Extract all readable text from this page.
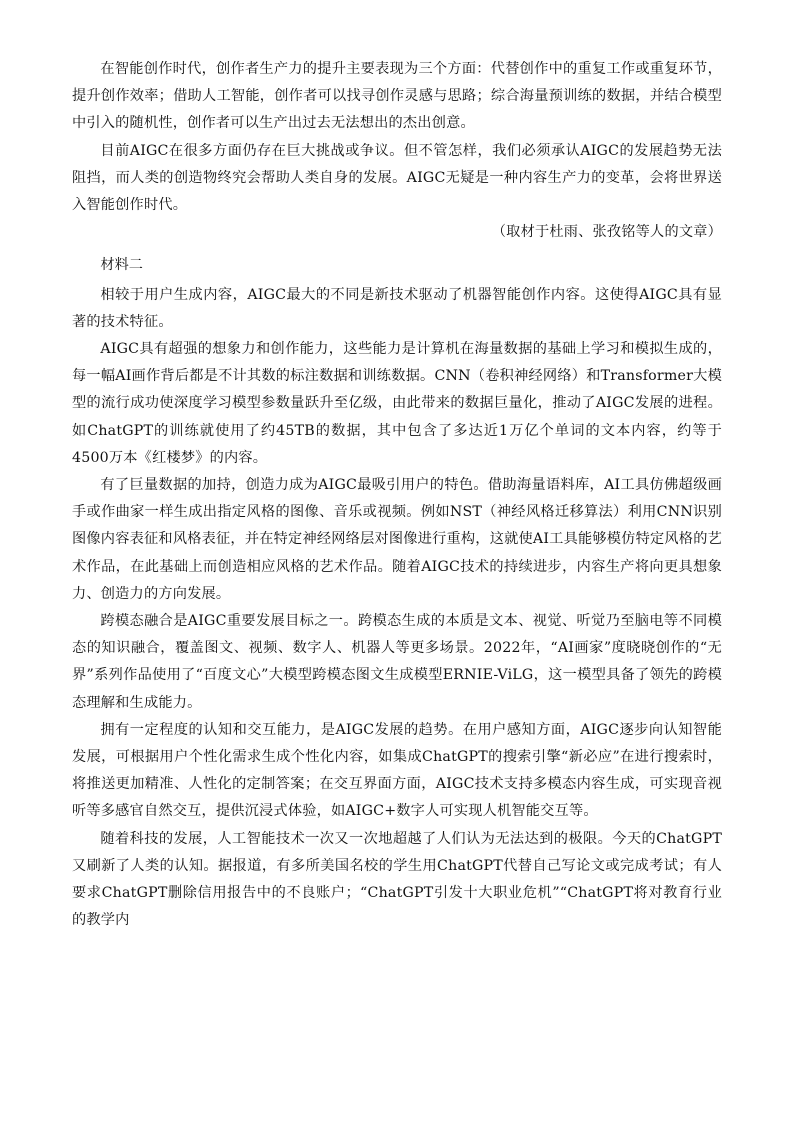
在智能创作时代，创作者生产力的提升主要表现为三个方面：代替创作中的重复工作或重复环节，提升创作效率；借助人工智能，创作者可以找寻创作灵感与思路；综合海量预训练的数据，并结合模型中引入的随机性，创作者可以生产出过去无法想出的杰出创意。

目前AIGC在很多方面仍存在巨大挑战或争议。但不管怎样，我们必须承认AIGC的发展趋势无法阻挡，而人类的创造物终究会帮助人类自身的发展。AIGC无疑是一种内容生产力的变革，会将世界送入智能创作时代。

（取材于杜雨、张孜铭等人的文章）

材料二

相较于用户生成内容，AIGC最大的不同是新技术驱动了机器智能创作内容。这使得AIGC具有显著的技术特征。

AIGC具有超强的想象力和创作能力，这些能力是计算机在海量数据的基础上学习和模拟生成的，每一幅AI画作背后都是不计其数的标注数据和训练数据。CNN（卷积神经网络）和Transformer大模型的流行成功使深度学习模型参数量跃升至亿级，由此带来的数据巨量化，推动了AIGC发展的进程。如ChatGPT的训练就使用了约45TB的数据，其中包含了多达近1万亿个单词的文本内容，约等于4500万本《红楼梦》的内容。

有了巨量数据的加持，创造力成为AIGC最吸引用户的特色。借助海量语料库，AI工具仿佛超级画手或作曲家一样生成出指定风格的图像、音乐或视频。例如NST（神经风格迁移算法）利用CNN识别图像内容表征和风格表征，并在特定神经网络层对图像进行重构，这就使AI工具能够模仿特定风格的艺术作品，在此基础上而创造相应风格的艺术作品。随着AIGC技术的持续进步，内容生产将向更具想象力、创造力的方向发展。

跨模态融合是AIGC重要发展目标之一。跨模态生成的本质是文本、视觉、听觉乃至脑电等不同模态的知识融合，覆盖图文、视频、数字人、机器人等更多场景。2022年，“AI画家”度晓晓创作的“无界”系列作品使用了“百度文心”大模型跨模态图文生成模型ERNIE-ViLG，这一模型具备了领先的跨模态理解和生成能力。

拥有一定程度的认知和交互能力，是AIGC发展的趋势。在用户感知方面，AIGC逐步向认知智能发展，可根据用户个性化需求生成个性化内容，如集成ChatGPT的搜索引擎“新必应”在进行搜索时，将推送更加精准、人性化的定制答案；在交互界面方面，AIGC技术支持多模态内容生成，可实现音视听等多感官自然交互，提供沉浸式体验，如AIGC+数字人可实现人机智能交互等。

随着科技的发展，人工智能技术一次又一次地超越了人们认为无法达到的极限。今天的ChatGPT又刷新了人类的认知。据报道，有多所美国名校的学生用ChatGPT代替自己写论文或完成考试；有人要求ChatGPT删除信用报告中的不良账户；“ChatGPT引发十大职业危机”“ChatGPT将对教育行业的教学内
